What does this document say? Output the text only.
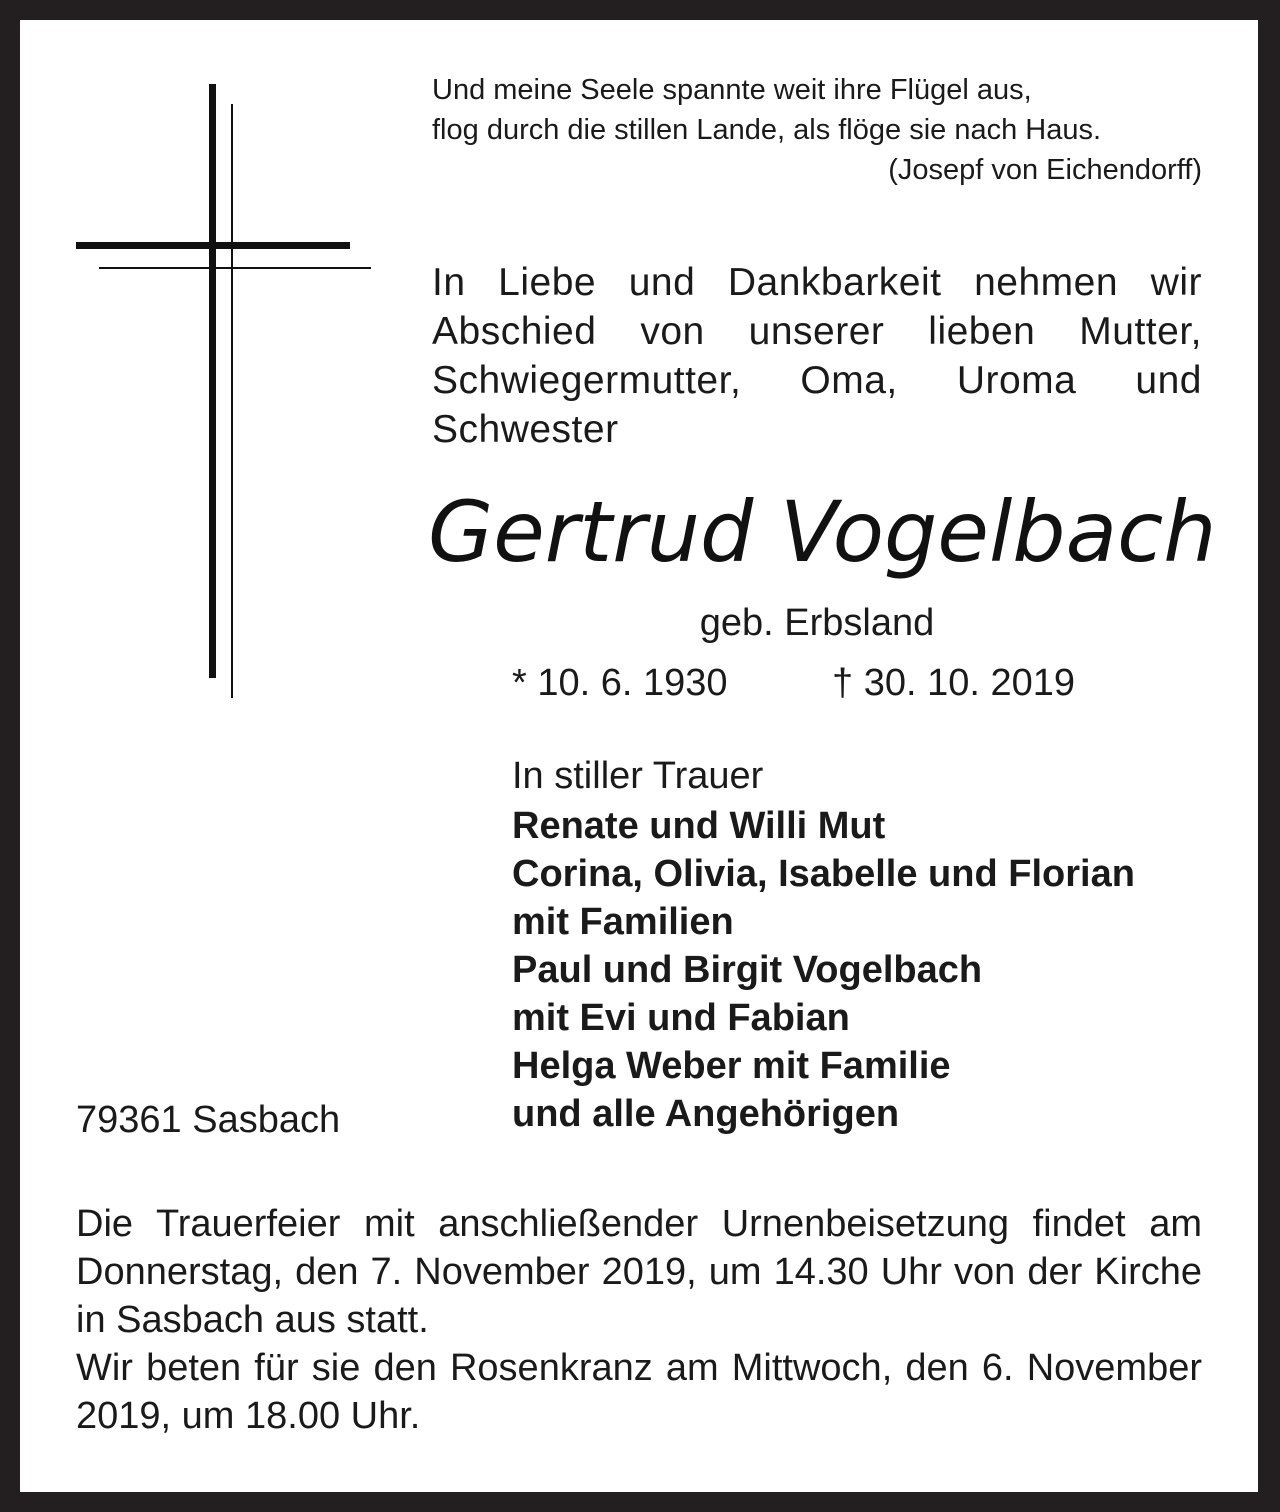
Und meine Seele spannte weit ihre Flügel aus,
flog durch die stillen Lande, als flöge sie nach Haus.
(Josepf von Eichendorff)
In Liebe und Dankbarkeit nehmen wir Abschied von unserer lieben Mutter, Schwiegermutter, Oma, Uroma und Schwester
Gertrud Vogelbach
geb. Erbsland
* 10. 6. 1930	† 30. 10. 2019
In stiller Trauer
Renate und Willi Mut
Corina, Olivia, Isabelle und Florian
mit Familien
Paul und Birgit Vogelbach
mit Evi und Fabian
Helga Weber mit Familie
und alle Angehörigen
79361 Sasbach

Die Trauerfeier mit anschließender Urnenbeisetzung findet am Donnerstag, den 7. November 2019, um 14.30 Uhr von der Kirche in Sasbach aus statt.

Wir beten für sie den Rosenkranz am Mittwoch, den 6. November 2019, um 18.00 Uhr.
